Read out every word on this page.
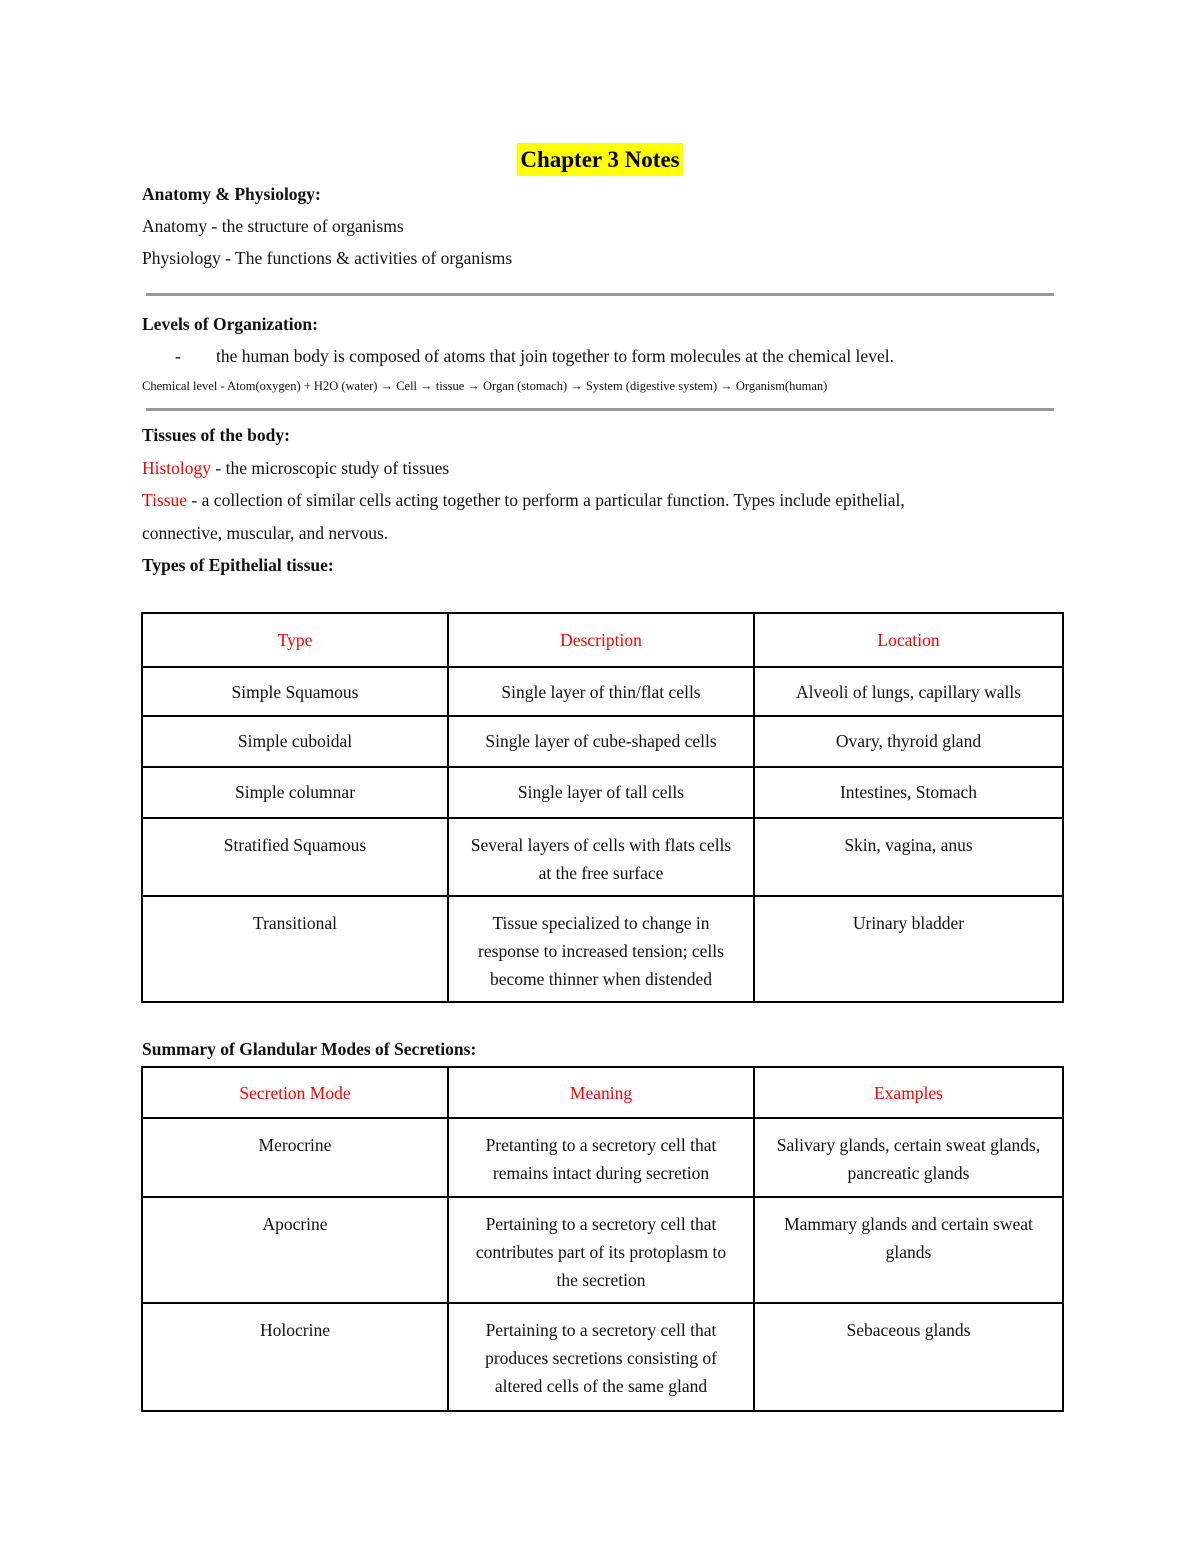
Chapter 3 Notes
Anatomy & Physiology:
Anatomy - the structure of organisms
Physiology - The functions & activities of organisms
Levels of Organization:
- the human body is composed of atoms that join together to form molecules at the chemical level.
Chemical level - Atom(oxygen) + H2O (water) → Cell → tissue → Organ (stomach) → System (digestive system) → Organism(human)
Tissues of the body:
Histology - the microscopic study of tissues
Tissue - a collection of similar cells acting together to perform a particular function. Types include epithelial,
connective, muscular, and nervous.
Types of Epithelial tissue:
Type	Description	Location
Simple Squamous	Single layer of thin/flat cells	Alveoli of lungs, capillary walls
Simple cuboidal	Single layer of cube-shaped cells	Ovary, thyroid gland
Simple columnar	Single layer of tall cells	Intestines, Stomach
Stratified Squamous	Several layers of cells with flats cells at the free surface	Skin, vagina, anus
Transitional	Tissue specialized to change in response to increased tension; cells become thinner when distended	Urinary bladder
Summary of Glandular Modes of Secretions:
Secretion Mode	Meaning	Examples
Merocrine	Pretanting to a secretory cell that remains intact during secretion	Salivary glands, certain sweat glands, pancreatic glands
Apocrine	Pertaining to a secretory cell that contributes part of its protoplasm to the secretion	Mammary glands and certain sweat glands
Holocrine	Pertaining to a secretory cell that produces secretions consisting of altered cells of the same gland	Sebaceous glands
